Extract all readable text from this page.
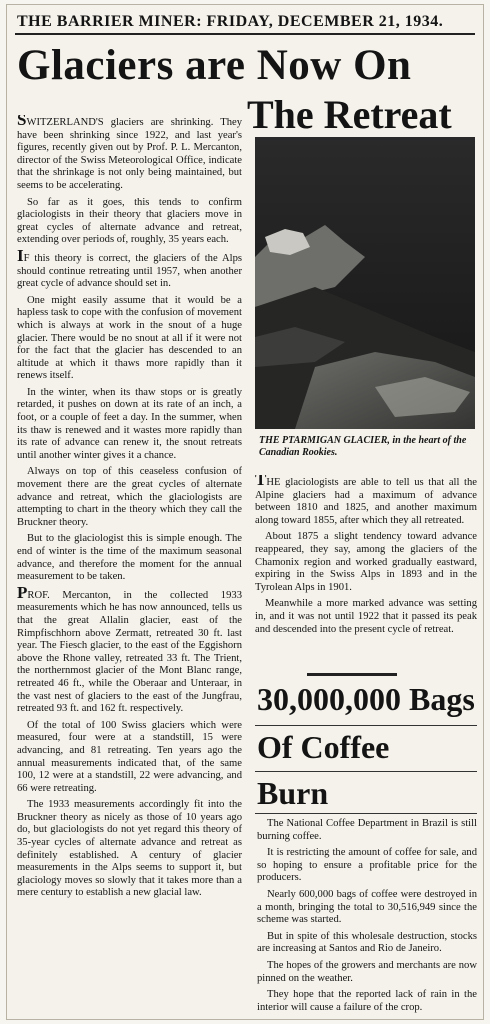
THE BARRIER MINER: FRIDAY, DECEMBER 21, 1934.
Glaciers are Now On
The Retreat

SWITZERLAND'S glaciers are shrinking. They have been shrinking since 1922, and last year's figures, recently given out by Prof. P. L. Mercanton, director of the Swiss Meteorological Office, indicate that the shrinkage is not only being maintained, but seems to be accelerating.

So far as it goes, this tends to confirm glaciologists in their theory that glaciers move in great cycles of alternate advance and retreat, extending over periods of, roughly, 35 years each.

IF this theory is correct, the glaciers of the Alps should continue retreating until 1957, when another great cycle of advance should set in.

One might easily assume that it would be a hapless task to cope with the confusion of movement which is always at work in the snout of a huge glacier. There would be no snout at all if it were not for the fact that the glacier has descended to an altitude at which it thaws more rapidly than it renews itself.

In the winter, when its thaw stops or is greatly retarded, it pushes on down at its rate of an inch, a foot, or a couple of feet a day. In the summer, when its thaw is renewed and it wastes more rapidly than its rate of advance can renew it, the snout retreats until another winter gives it a chance.

Always on top of this ceaseless confusion of movement there are the great cycles of alternate advance and retreat, which the glaciologists are attempting to chart in the theory which they call the Bruckner theory.

But to the glaciologist this is simple enough. The end of winter is the time of the maximum seasonal advance, and therefore the moment for the annual measurement to be taken.

PROF. Mercanton, in the collected 1933 measurements which he has now announced, tells us that the great Allalin glacier, east of the Rimpfischhorn above Zermatt, retreated 30 ft. last year. The Fiesch glacier, to the east of the Eggishorn above the Rhone valley, retreated 33 ft. The Trient, the northernmost glacier of the Mont Blanc range, retreated 46 ft., while the Oberaar and Unteraar, in the vast nest of glaciers to the east of the Jungfrau, retreated 93 ft. and 162 ft. respectively.

Of the total of 100 Swiss glaciers which were measured, four were at a standstill, 15 were advancing, and 81 retreating. Ten years ago the annual measurements indicated that, of the same 100, 12 were at a standstill, 22 were advancing, and 66 were retreating.

The 1933 measurements accordingly fit into the Bruckner theory as nicely as those of 10 years ago do, but glaciologists do not yet regard this theory of 35-year cycles of alternate advance and retreat as definitely established. A century of glacier measurements in the Alps seems to support it, but glaciology moves so slowly that it takes more than a mere century to establish a new glacial law.

THE PTARMIGAN GLACIER, in the heart of the Canadian Rookies.

THE glaciologists are able to tell us that all the Alpine glaciers had a maximum of advance between 1810 and 1825, and another maximum along toward 1855, after which they all retreated.

About 1875 a slight tendency toward advance reappeared, they say, among the glaciers of the Chamonix region and worked gradually eastward, expiring in the Swiss Alps in 1893 and in the Tyrolean Alps in 1901.

Meanwhile a more marked advance was setting in, and it was not until 1922 that it passed its peak and descended into the present cycle of retreat.

30,000,000 Bags
Of Coffee
Burn

The National Coffee Department in Brazil is still burning coffee.

It is restricting the amount of coffee for sale, and so hoping to ensure a profitable price for the producers.

Nearly 600,000 bags of coffee were destroyed in a month, bringing the total to 30,516,949 since the scheme was started.

But in spite of this wholesale destruction, stocks are increasing at Santos and Rio de Janeiro.

The hopes of the growers and merchants are now pinned on the weather.

They hope that the reported lack of rain in the interior will cause a failure of the crop.
